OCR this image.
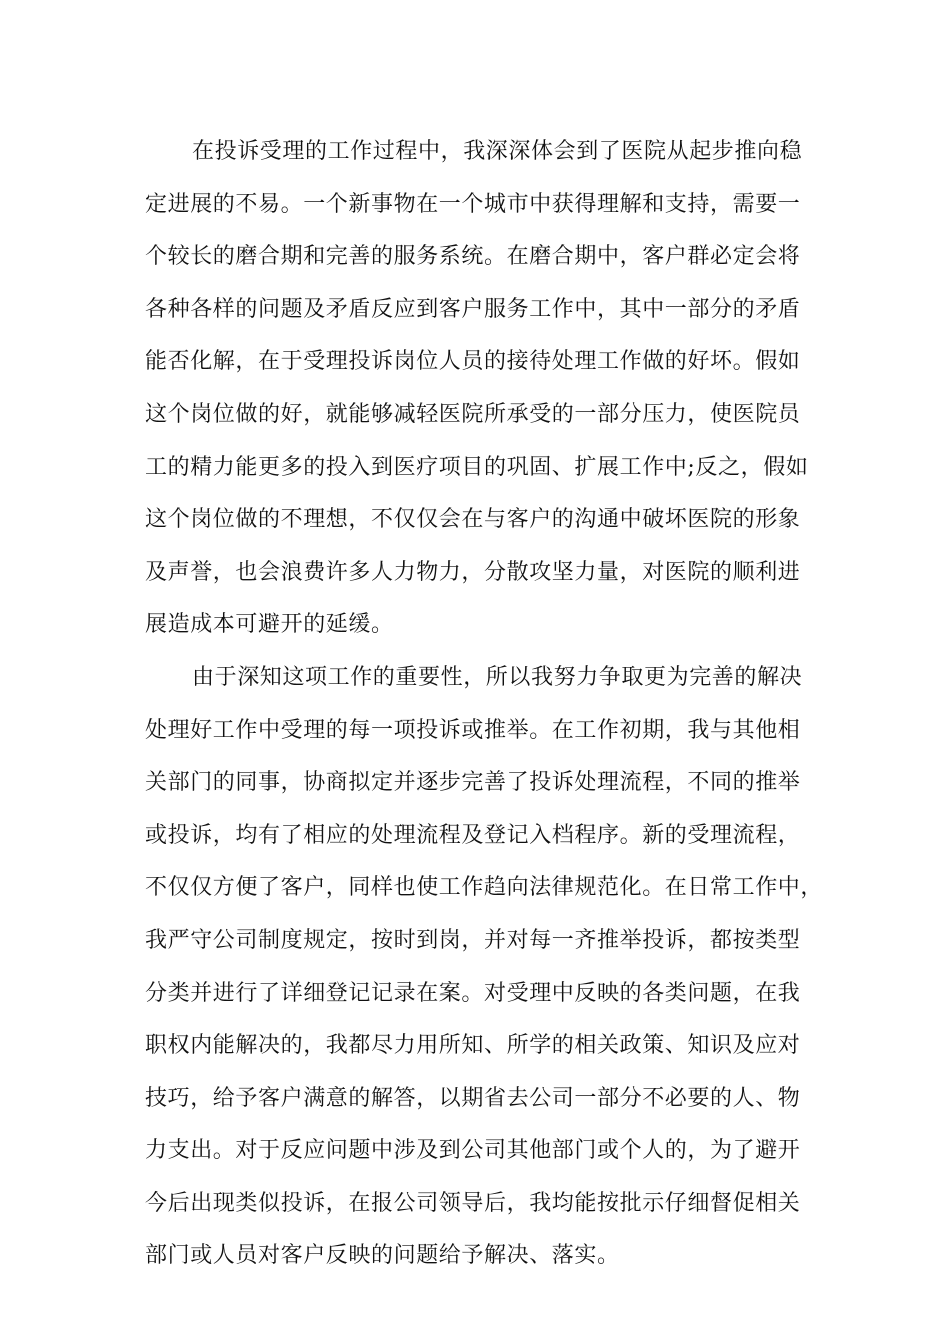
在投诉受理的工作过程中，我深深体会到了医院从起步推向稳
定进展的不易。一个新事物在一个城市中获得理解和支持，需要一
个较长的磨合期和完善的服务系统。在磨合期中，客户群必定会将
各种各样的问题及矛盾反应到客户服务工作中，其中一部分的矛盾
能否化解，在于受理投诉岗位人员的接待处理工作做的好坏。假如
这个岗位做的好，就能够减轻医院所承受的一部分压力，使医院员
工的精力能更多的投入到医疗项目的巩固、扩展工作中;反之，假如
这个岗位做的不理想，不仅仅会在与客户的沟通中破坏医院的形象
及声誉，也会浪费许多人力物力，分散攻坚力量，对医院的顺利进
展造成本可避开的延缓。
由于深知这项工作的重要性，所以我努力争取更为完善的解决
处理好工作中受理的每一项投诉或推举。在工作初期，我与其他相
关部门的同事，协商拟定并逐步完善了投诉处理流程，不同的推举
或投诉，均有了相应的处理流程及登记入档程序。新的受理流程，
不仅仅方便了客户，同样也使工作趋向法律规范化。在日常工作中，
我严守公司制度规定，按时到岗，并对每一齐推举投诉，都按类型
分类并进行了详细登记记录在案。对受理中反映的各类问题，在我
职权内能解决的，我都尽力用所知、所学的相关政策、知识及应对
技巧，给予客户满意的解答，以期省去公司一部分不必要的人、物
力支出。对于反应问题中涉及到公司其他部门或个人的，为了避开
今后出现类似投诉，在报公司领导后，我均能按批示仔细督促相关
部门或人员对客户反映的问题给予解决、落实。
